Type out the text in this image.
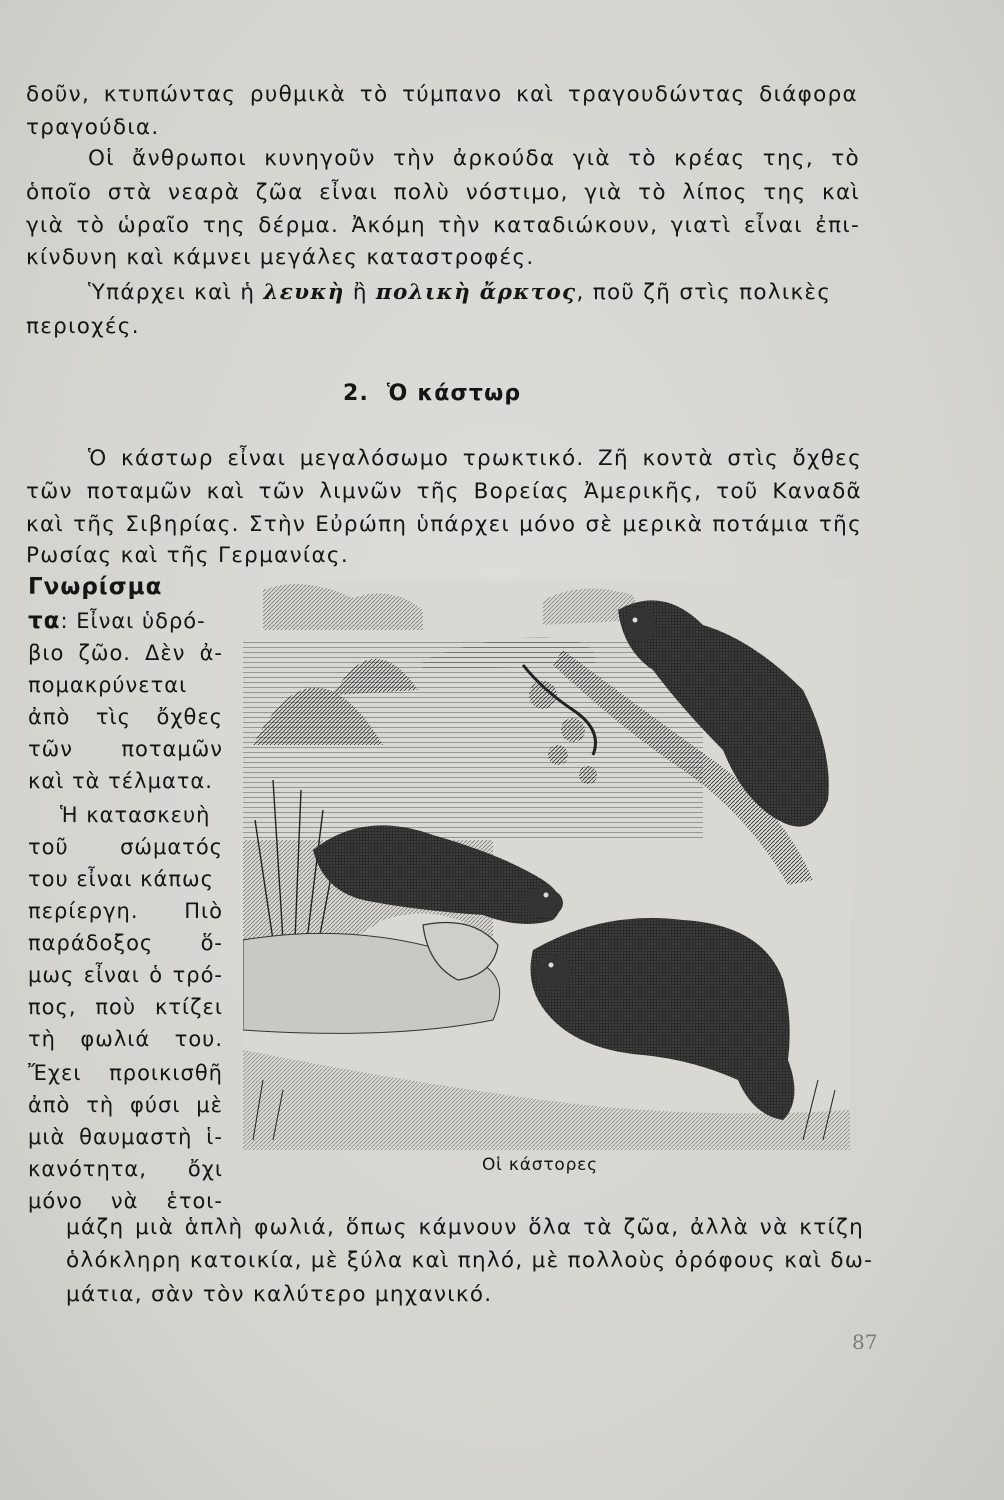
δοῦν, κτυπώντας ρυθμικὰ τὸ τύμπανο καὶ τραγουδώντας διάφορα
τραγούδια.
Οἱ ἄνθρωποι κυνηγοῦν τὴν ἀρκούδα γιὰ τὸ κρέας της, τὸ
ὁποῖο στὰ νεαρὰ ζῶα εἶναι πολὺ νόστιμο, γιὰ τὸ λίπος της καὶ
γιὰ τὸ ὡραῖο της δέρμα. Ἀκόμη τὴν καταδιώκουν, γιατὶ εἶναι ἐπι-
κίνδυνη καὶ κάμνει μεγάλες καταστροφές.
Ὑπάρχει καὶ ἡ λευκὴ ἢ πολικὴ ἄρκτος, ποῦ ζῆ στὶς πολικὲς
περιοχές.
2. Ὁ κάστωρ
Ὁ κάστωρ εἶναι μεγαλόσωμο τρωκτικό. Ζῆ κοντὰ στὶς ὄχθες
τῶν ποταμῶν καὶ τῶν λιμνῶν τῆς Βορείας Ἀμερικῆς, τοῦ Καναδᾶ
καὶ τῆς Σιβηρίας. Στὴν Εὐρώπη ὑπάρχει μόνο σὲ μερικὰ ποτάμια τῆς
Ρωσίας καὶ τῆς Γερμανίας.
Γνωρίσμα
τα: Εἶναι ὑδρό-
βιο ζῶο. Δὲν ἀ-
πομακρύνεται
ἀπὸ τὶς ὄχθες
τῶν ποταμῶν
καὶ τὰ τέλματα.
Ἡ κατασκευὴ
τοῦ σώματός
του εἶναι κάπως
περίεργη. Πιὸ
παράδοξος ὅ-
μως εἶναι ὁ τρό-
πος, ποὺ κτίζει
τὴ φωλιά του.
Ἔχει προικισθῆ
ἀπὸ τὴ φύσι μὲ
μιὰ θαυμαστὴ ἱ-
κανότητα, ὄχι
μόνο νὰ ἑτοι-
Οἱ κάστορες
μάζη μιὰ ἁπλὴ φωλιά, ὅπως κάμνουν ὅλα τὰ ζῶα, ἀλλὰ νὰ κτίζη
ὁλόκληρη κατοικία, μὲ ξύλα καὶ πηλό, μὲ πολλοὺς ὀρόφους καὶ δω-
μάτια, σὰν τὸν καλύτερο μηχανικό.
87
